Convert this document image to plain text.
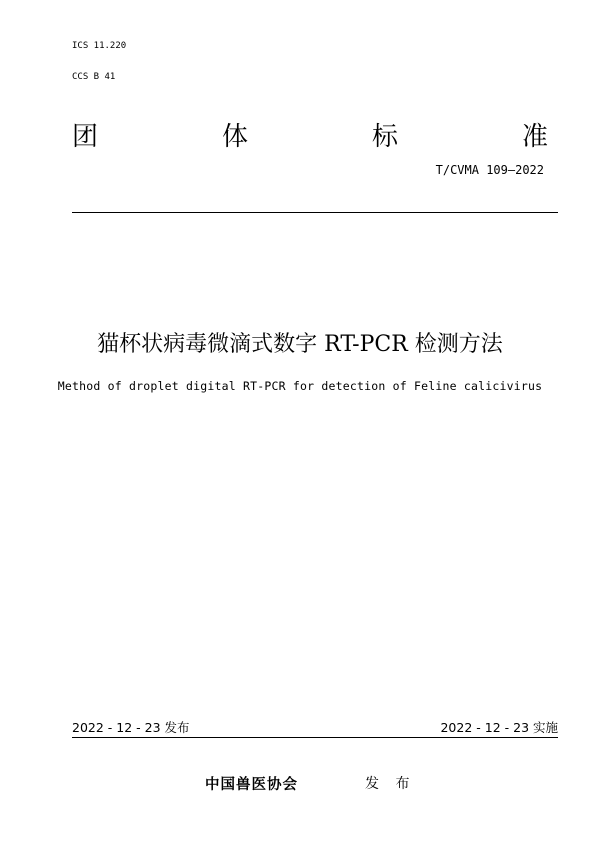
ICS 11.220
CCS B 41
团	体	标	准
T/CVMA 109—2022
猫杯状病毒微滴式数字 RT-PCR 检测方法
Method of droplet digital RT-PCR for detection of Feline calicivirus
2022 - 12 - 23 发布	2022 - 12 - 23 实施
中国兽医协会	发 布
